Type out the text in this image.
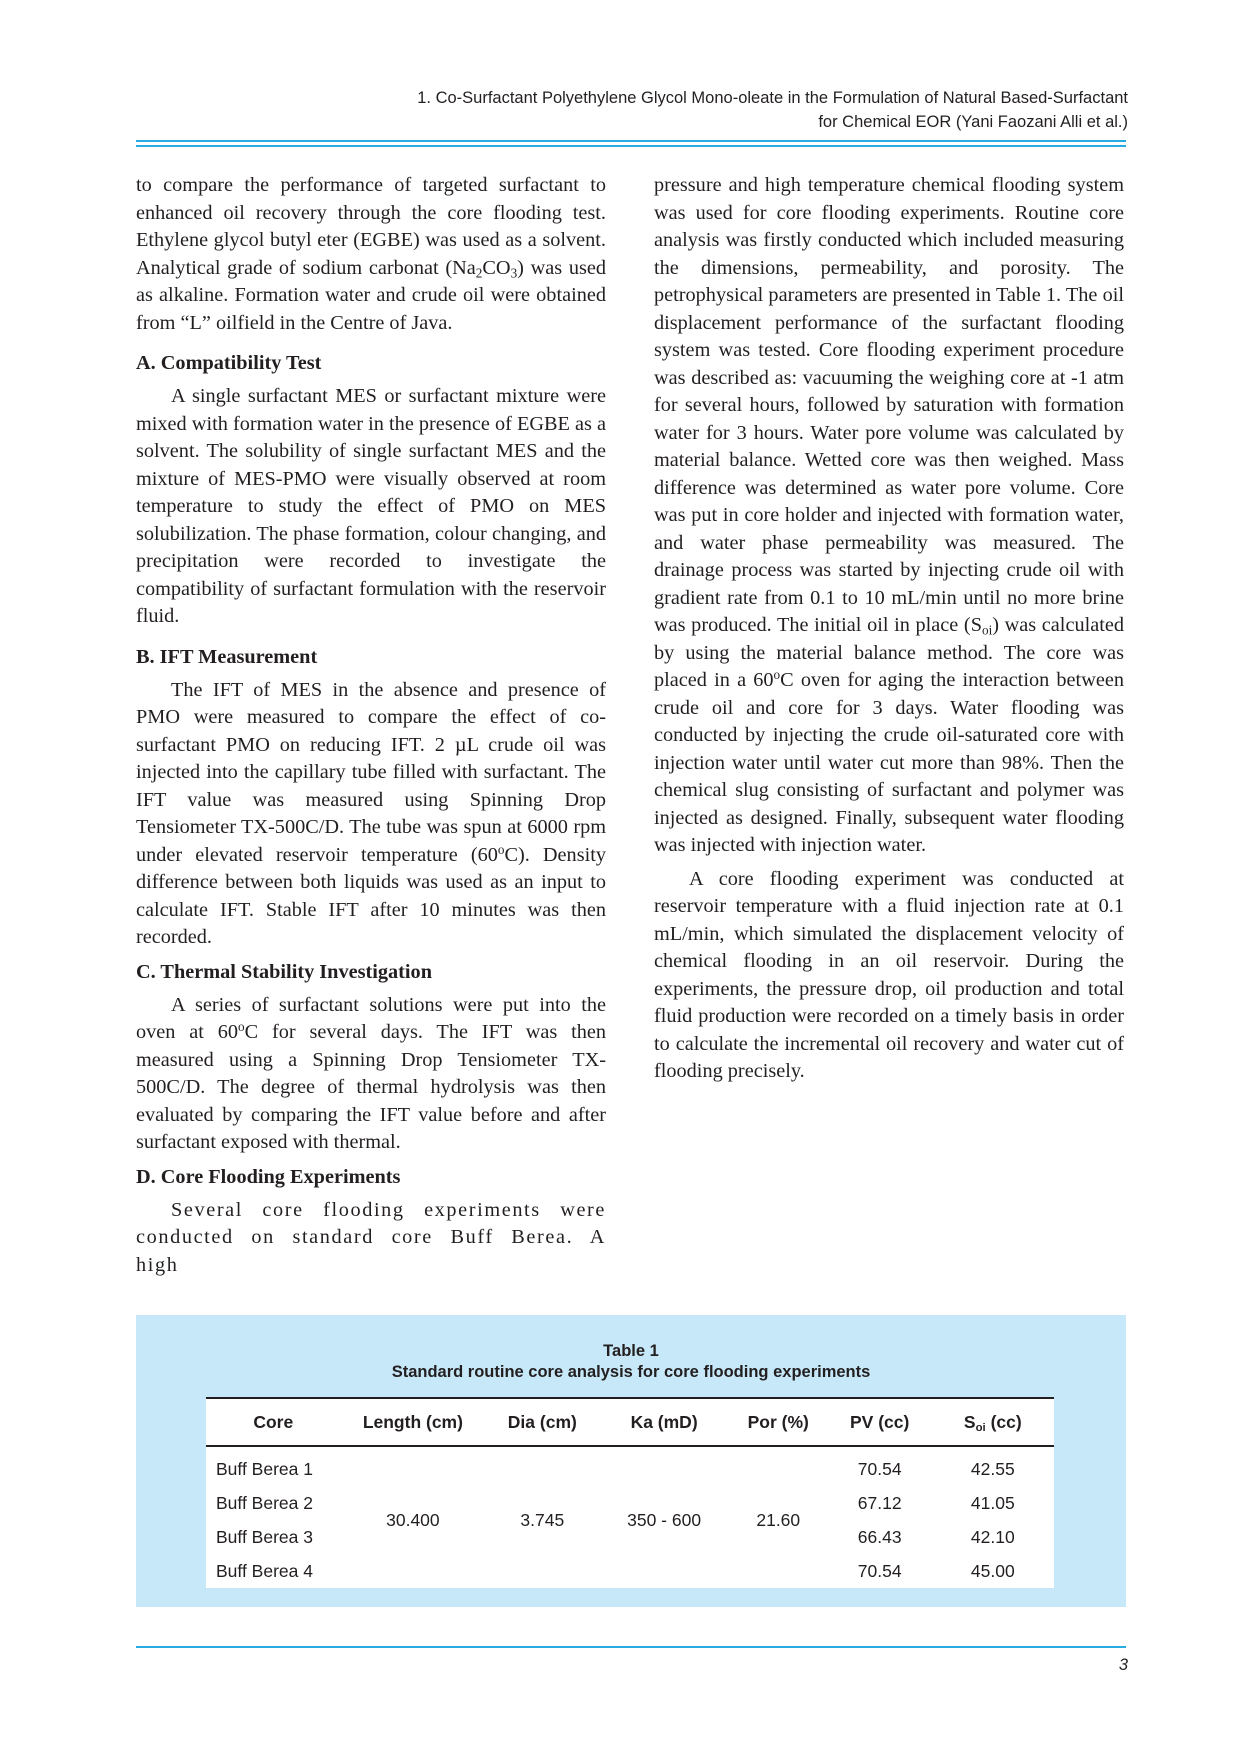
1. Co-Surfactant Polyethylene Glycol Mono-oleate in the Formulation of Natural Based-Surfactant
for Chemical EOR (Yani Faozani Alli et al.)

to compare the performance of targeted surfactant to enhanced oil recovery through the core flooding test. Ethylene glycol butyl eter (EGBE) was used as a solvent. Analytical grade of sodium carbonat $(Na_2CO_3)$ was used as alkaline. Formation water and crude oil were obtained from “L” oilfield in the Centre of Java.

A. Compatibility Test

A single surfactant MES or surfactant mixture were mixed with formation water in the presence of EGBE as a solvent. The solubility of single surfactant MES and the mixture of MES-PMO were visually observed at room temperature to study the effect of PMO on MES solubilization. The phase formation, colour changing, and precipitation were recorded to investigate the compatibility of surfactant formulation with the reservoir fluid.

B. IFT Measurement

The IFT of MES in the absence and presence of PMO were measured to compare the effect of co-surfactant PMO on reducing IFT. 2 µL crude oil was injected into the capillary tube filled with surfactant. The IFT value was measured using Spinning Drop Tensiometer TX-500C/D. The tube was spun at 6000 rpm under elevated reservoir temperature (60$^o$C). Density difference between both liquids was used as an input to calculate IFT. Stable IFT after 10 minutes was then recorded.

C. Thermal Stability Investigation

A series of surfactant solutions were put into the oven at 60$^o$C for several days. The IFT was then measured using a Spinning Drop Tensiometer TX-500C/D. The degree of thermal hydrolysis was then evaluated by comparing the IFT value before and after surfactant exposed with thermal.

D. Core Flooding Experiments

Several core flooding experiments were conducted on standard core Buff Berea. A high

pressure and high temperature chemical flooding system was used for core flooding experiments. Routine core analysis was firstly conducted which included measuring the dimensions, permeability, and porosity. The petrophysical parameters are presented in Table 1. The oil displacement performance of the surfactant flooding system was tested. Core flooding experiment procedure was described as: vacuuming the weighing core at -1 atm for several hours, followed by saturation with formation water for 3 hours. Water pore volume was calculated by material balance. Wetted core was then weighed. Mass difference was determined as water pore volume. Core was put in core holder and injected with formation water, and water phase permeability was measured. The drainage process was started by injecting crude oil with gradient rate from 0.1 to 10 mL/min until no more brine was produced. The initial oil in place $(S_{oi})$ was calculated by using the material balance method. The core was placed in a 60$^o$C oven for aging the interaction between crude oil and core for 3 days. Water flooding was conducted by injecting the crude oil-saturated core with injection water until water cut more than 98%. Then the chemical slug consisting of surfactant and polymer was injected as designed. Finally, subsequent water flooding was injected with injection water.

A core flooding experiment was conducted at reservoir temperature with a fluid injection rate at 0.1 mL/min, which simulated the displacement velocity of chemical flooding in an oil reservoir. During the experiments, the pressure drop, oil production and total fluid production were recorded on a timely basis in order to calculate the incremental oil recovery and water cut of flooding precisely.

Table 1
Standard routine core analysis for core flooding experiments
Core	Length (cm)	Dia (cm)	Ka (mD)	Por (%)	PV (cc)	$S_{oi}$ (cc)
Buff Berea 1	30.400	3.745	350 - 600	21.60	70.54	42.55
Buff Berea 2					67.12	41.05
Buff Berea 3					66.43	42.10
Buff Berea 4					70.54	45.00
3
